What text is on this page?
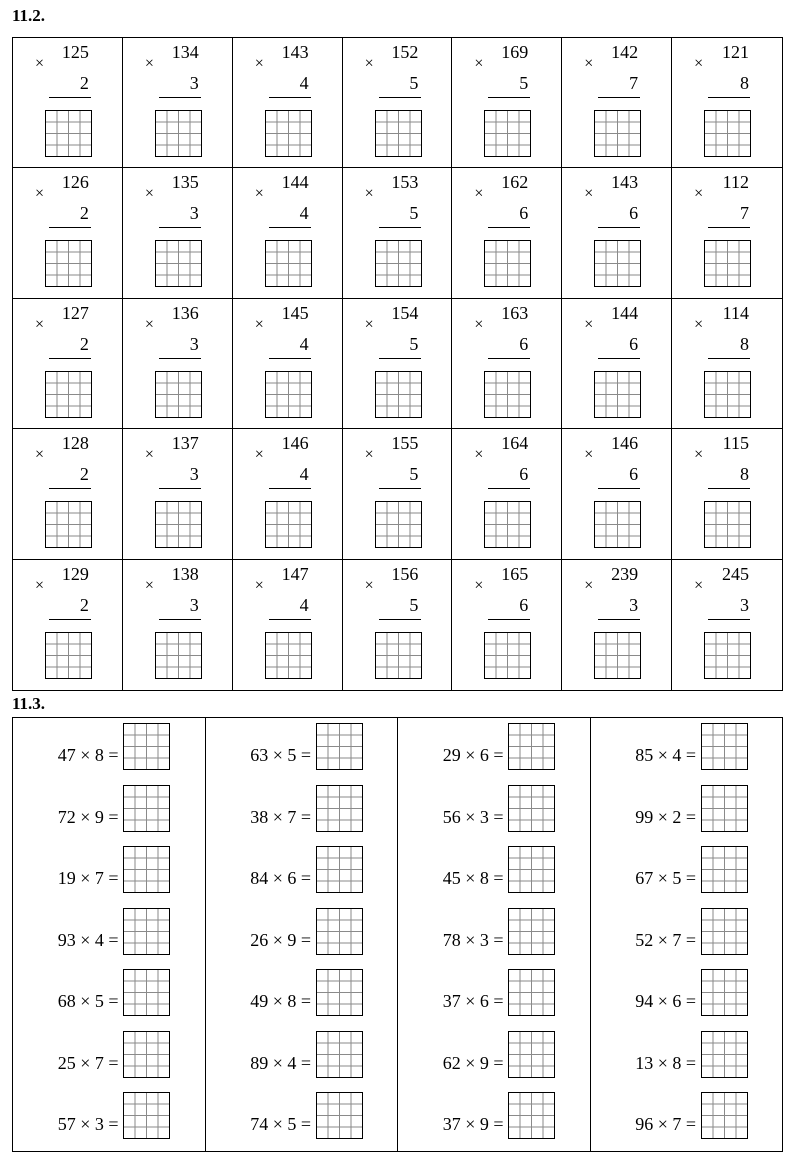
11.2.
125
×
2
134
×
3
143
×
4
152
×
5
169
×
5
142
×
7
121
×
8
126
×
2
135
×
3
144
×
4
153
×
5
162
×
6
143
×
6
112
×
7
127
×
2
136
×
3
145
×
4
154
×
5
163
×
6
144
×
6
114
×
8
128
×
2
137
×
3
146
×
4
155
×
5
164
×
6
146
×
6
115
×
8
129
×
2
138
×
3
147
×
4
156
×
5
165
×
6
239
×
3
245
×
3
11.3.
47 × 8 =
72 × 9 =
19 × 7 =
93 × 4 =
68 × 5 =
25 × 7 =
57 × 3 =
63 × 5 =
38 × 7 =
84 × 6 =
26 × 9 =
49 × 8 =
89 × 4 =
74 × 5 =
29 × 6 =
56 × 3 =
45 × 8 =
78 × 3 =
37 × 6 =
62 × 9 =
37 × 9 =
85 × 4 =
99 × 2 =
67 × 5 =
52 × 7 =
94 × 6 =
13 × 8 =
96 × 7 =
